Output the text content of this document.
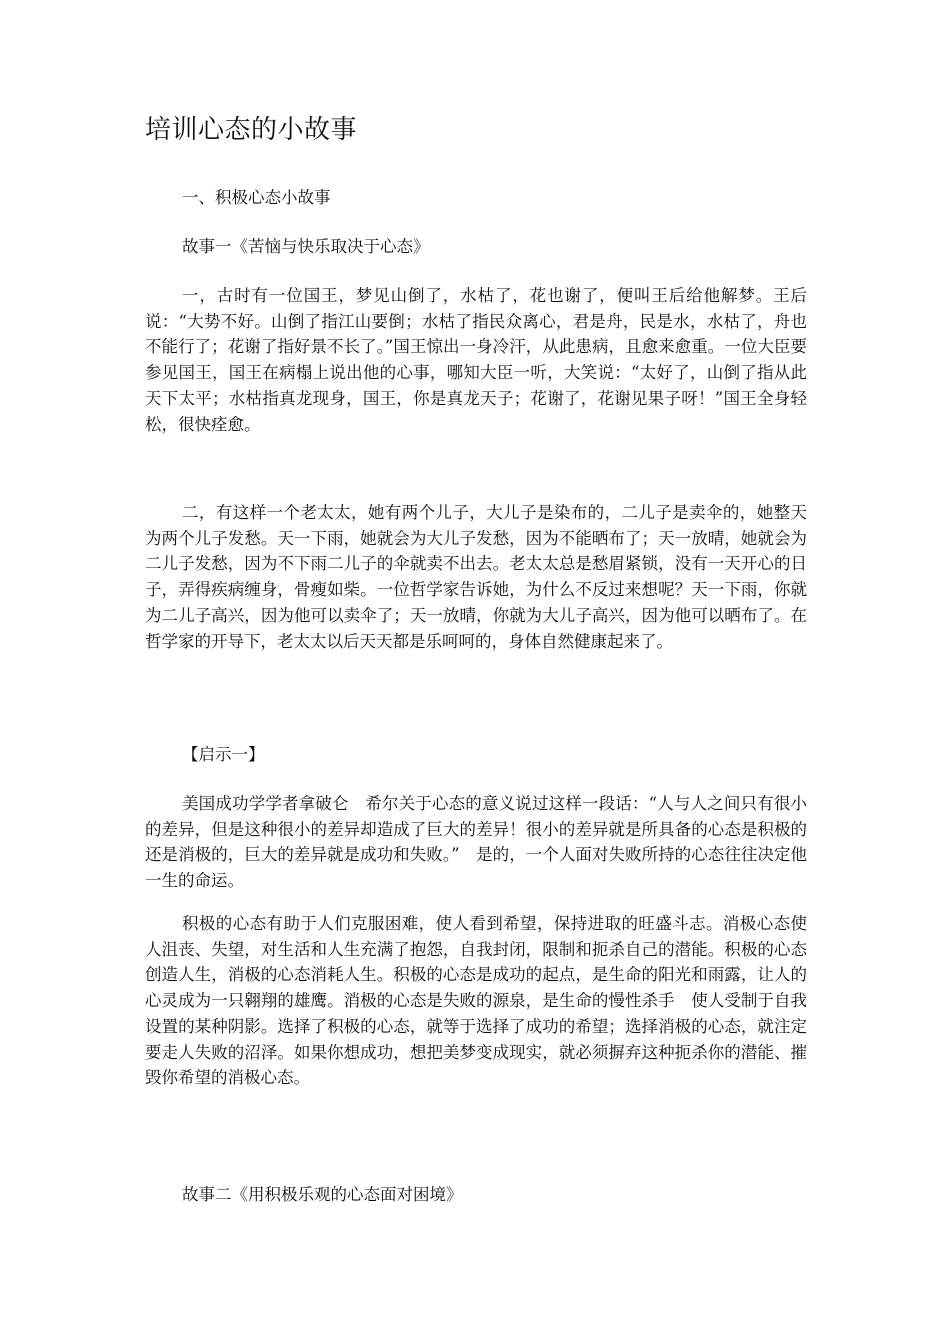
培训心态的小故事
一、积极心态小故事
故事一《苦恼与快乐取决于心态》

一，古时有一位国王，梦见山倒了，水枯了，花也谢了，便叫王后给他解梦。王后说：“大势不好。山倒了指江山要倒；水枯了指民众离心，君是舟，民是水，水枯了，舟也不能行了；花谢了指好景不长了。”国王惊出一身冷汗，从此患病，且愈来愈重。一位大臣要参见国王，国王在病榻上说出他的心事，哪知大臣一听，大笑说：“太好了，山倒了指从此天下太平；水枯指真龙现身，国王，你是真龙天子；花谢了，花谢见果子呀！”国王全身轻松，很快痊愈。

二，有这样一个老太太，她有两个儿子，大儿子是染布的，二儿子是卖伞的，她整天为两个儿子发愁。天一下雨，她就会为大儿子发愁，因为不能晒布了；天一放晴，她就会为二儿子发愁，因为不下雨二儿子的伞就卖不出去。老太太总是愁眉紧锁，没有一天开心的日子，弄得疾病缠身，骨瘦如柴。一位哲学家告诉她，为什么不反过来想呢？天一下雨，你就为二儿子高兴，因为他可以卖伞了；天一放晴，你就为大儿子高兴，因为他可以晒布了。在哲学家的开导下，老太太以后天天都是乐呵呵的，身体自然健康起来了。

【启示一】

美国成功学学者拿破仑　希尔关于心态的意义说过这样一段话：“人与人之间只有很小的差异，但是这种很小的差异却造成了巨大的差异！很小的差异就是所具备的心态是积极的还是消极的，巨大的差异就是成功和失败。”　是的，一个人面对失败所持的心态往往决定他一生的命运。

积极的心态有助于人们克服困难，使人看到希望，保持进取的旺盛斗志。消极心态使人沮丧、失望，对生活和人生充满了抱怨，自我封闭，限制和扼杀自己的潜能。积极的心态创造人生，消极的心态消耗人生。积极的心态是成功的起点，是生命的阳光和雨露，让人的心灵成为一只翱翔的雄鹰。消极的心态是失败的源泉，是生命的慢性杀手　使人受制于自我设置的某种阴影。选择了积极的心态，就等于选择了成功的希望；选择消极的心态，就注定要走人失败的沼泽。如果你想成功，想把美梦变成现实，就必须摒弃这种扼杀你的潜能、摧毁你希望的消极心态。

故事二《用积极乐观的心态面对困境》
